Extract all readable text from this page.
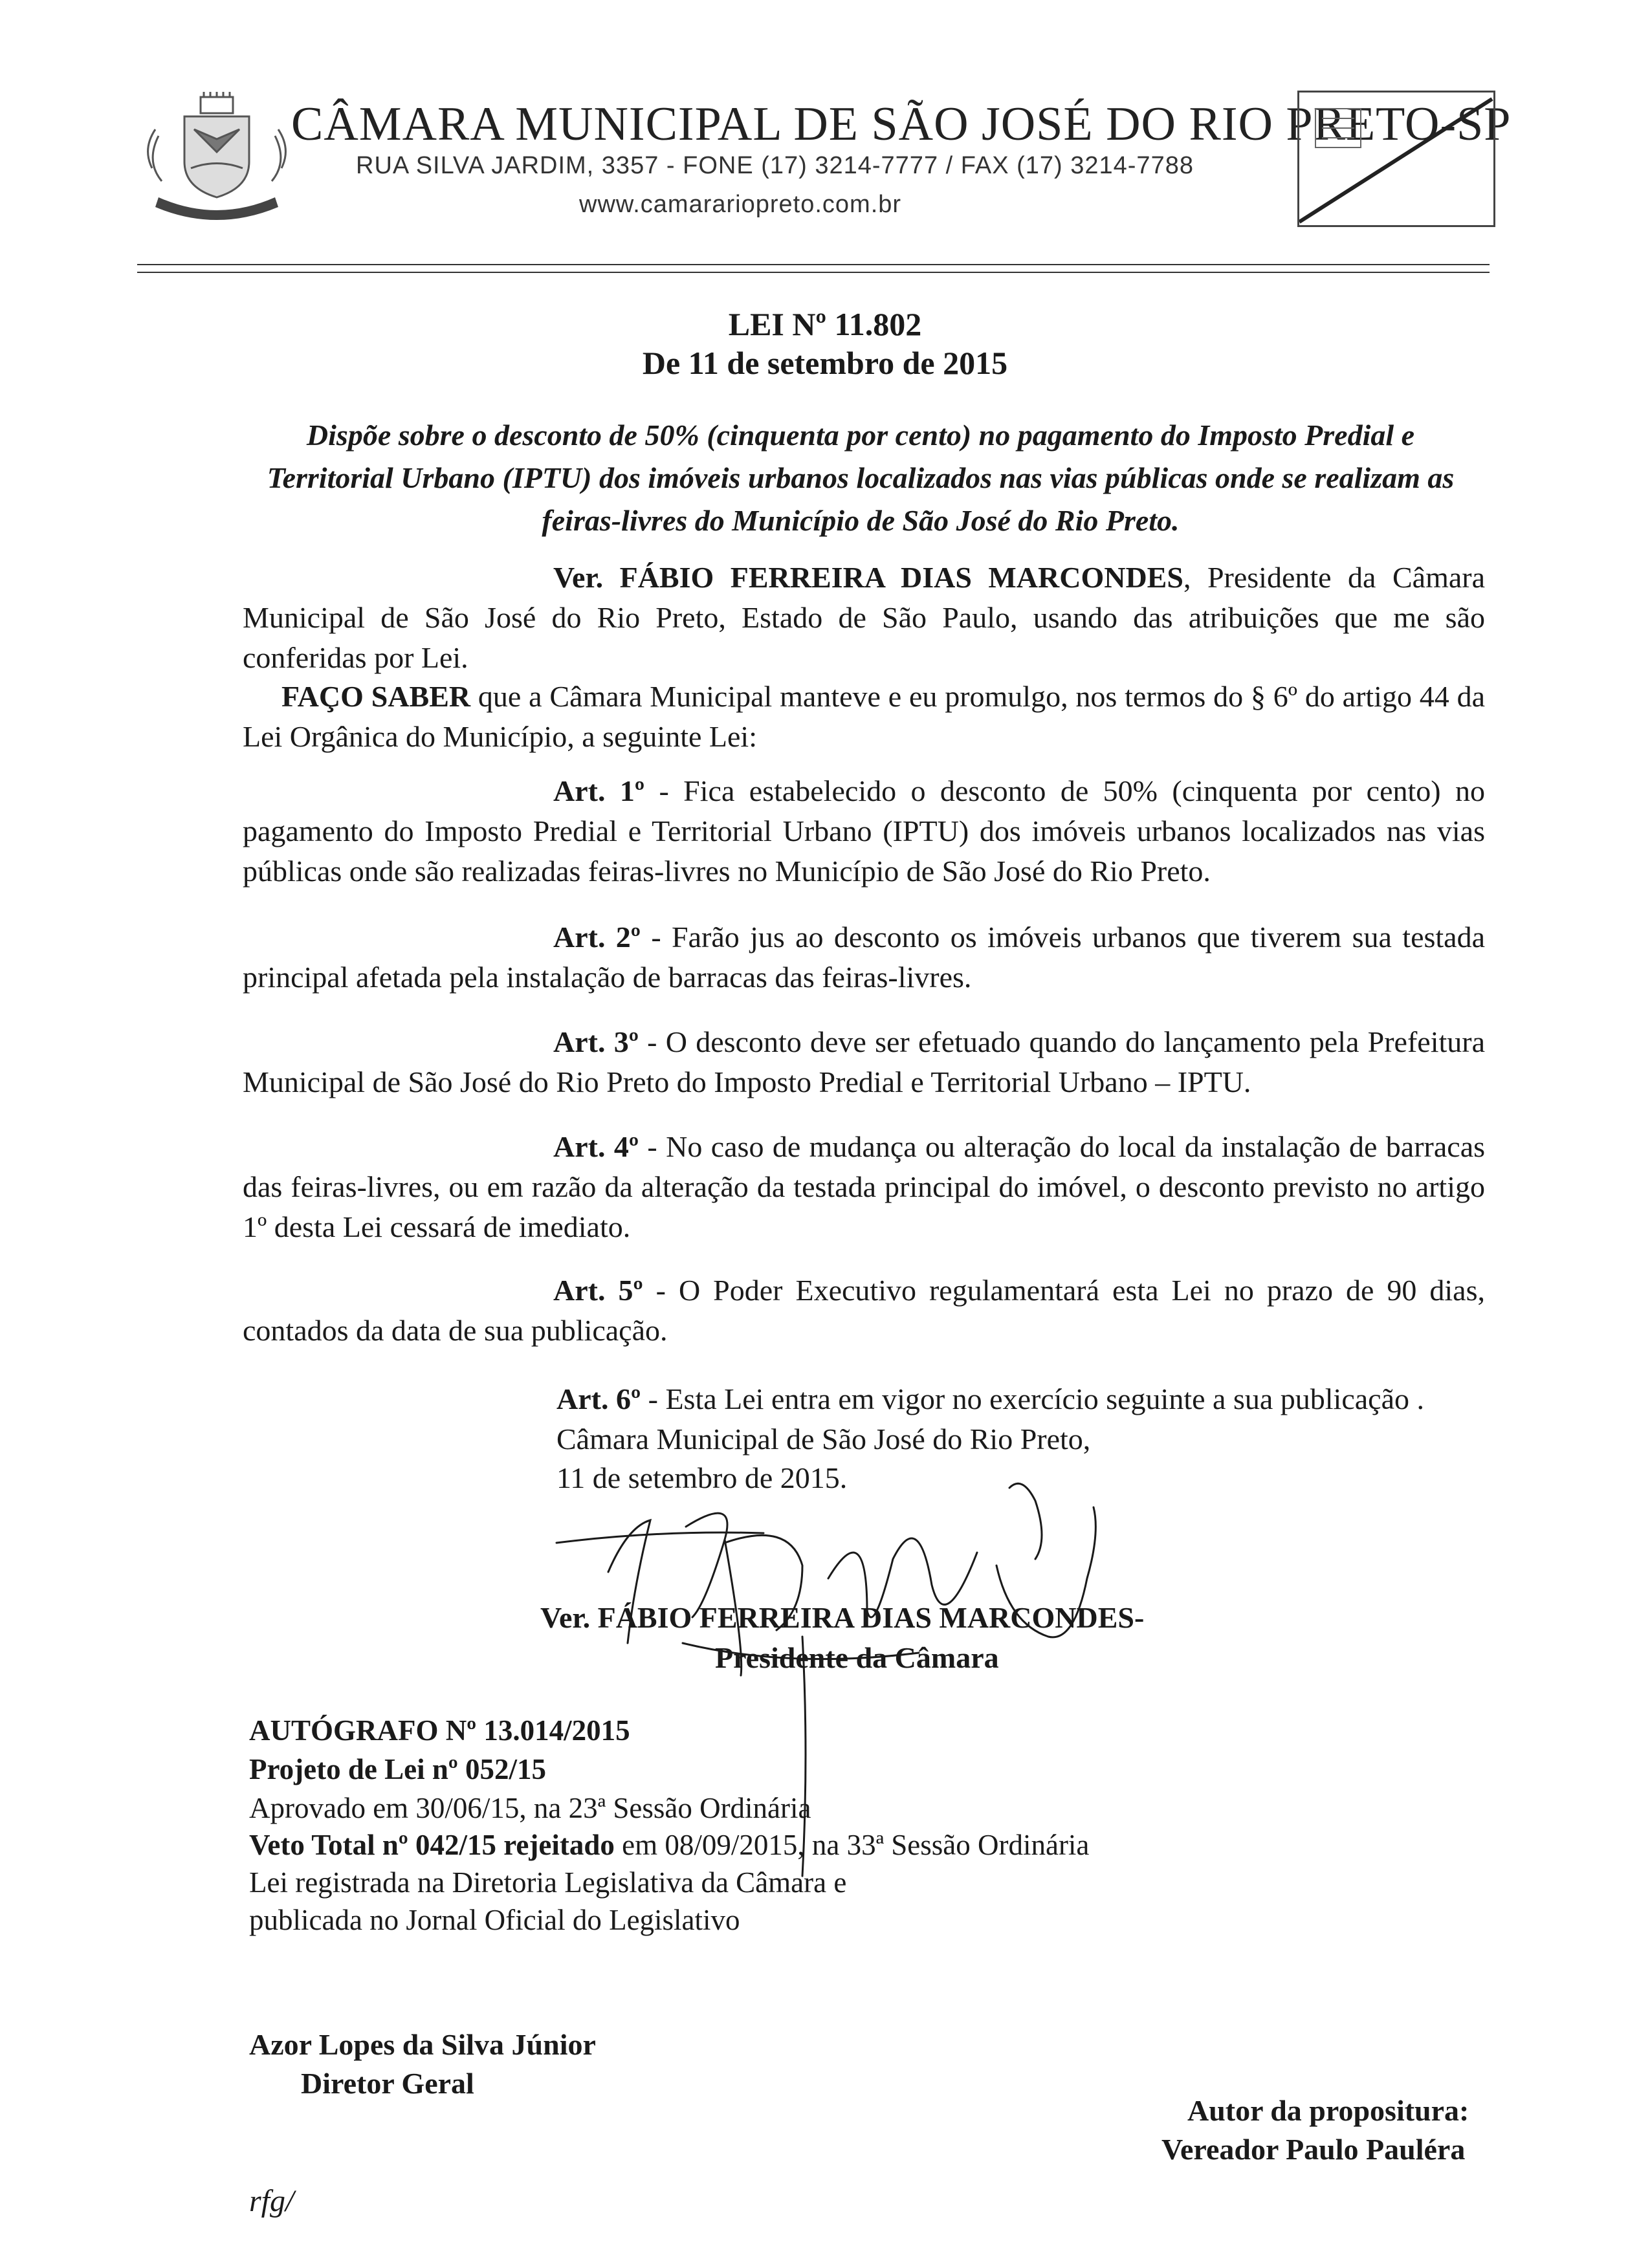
CÂMARA MUNICIPAL DE SÃO JOSÉ DO RIO PRETO-SP
RUA SILVA JARDIM, 3357 - FONE (17) 3214-7777 / FAX (17) 3214-7788
www.camarariopreto.com.br
LEI Nº 11.802
De 11 de setembro de 2015
Dispõe sobre o desconto de 50% (cinquenta por cento) no pagamento do Imposto Predial e Territorial Urbano (IPTU) dos imóveis urbanos localizados nas vias públicas onde se realizam as feiras-livres do Município de São José do Rio Preto.
Ver. FÁBIO FERREIRA DIAS MARCONDES, Presidente da Câmara Municipal de São José do Rio Preto, Estado de São Paulo, usando das atribuições que me são conferidas por Lei.
FAÇO SABER que a Câmara Municipal manteve e eu promulgo, nos termos do § 6º do artigo 44 da Lei Orgânica do Município, a seguinte Lei:
Art. 1º - Fica estabelecido o desconto de 50% (cinquenta por cento) no pagamento do Imposto Predial e Territorial Urbano (IPTU) dos imóveis urbanos localizados nas vias públicas onde são realizadas feiras-livres no Município de São José do Rio Preto.
Art. 2º - Farão jus ao desconto os imóveis urbanos que tiverem sua testada principal afetada pela instalação de barracas das feiras-livres.
Art. 3º - O desconto deve ser efetuado quando do lançamento pela Prefeitura Municipal de São José do Rio Preto do Imposto Predial e Territorial Urbano – IPTU.
Art. 4º - No caso de mudança ou alteração do local da instalação de barracas das feiras-livres, ou em razão da alteração da testada principal do imóvel, o desconto previsto no artigo 1º desta Lei cessará de imediato.
Art. 5º - O Poder Executivo regulamentará esta Lei no prazo de 90 dias, contados da data de sua publicação.
Art. 6º - Esta Lei entra em vigor no exercício seguinte a sua publicação .
Câmara Municipal de São José do Rio Preto,
11 de setembro de 2015.
Ver. FÁBIO FERREIRA DIAS MARCONDES-
Presidente da Câmara
AUTÓGRAFO Nº 13.014/2015
Projeto de Lei nº 052/15
Aprovado em 30/06/15, na 23ª Sessão Ordinária
Veto Total nº 042/15 rejeitado em 08/09/2015, na 33ª Sessão Ordinária
Lei registrada na Diretoria Legislativa da Câmara e
publicada no Jornal Oficial do Legislativo
Azor Lopes da Silva Júnior
Diretor Geral
Autor da propositura:
Vereador Paulo Pauléra
rfg/
